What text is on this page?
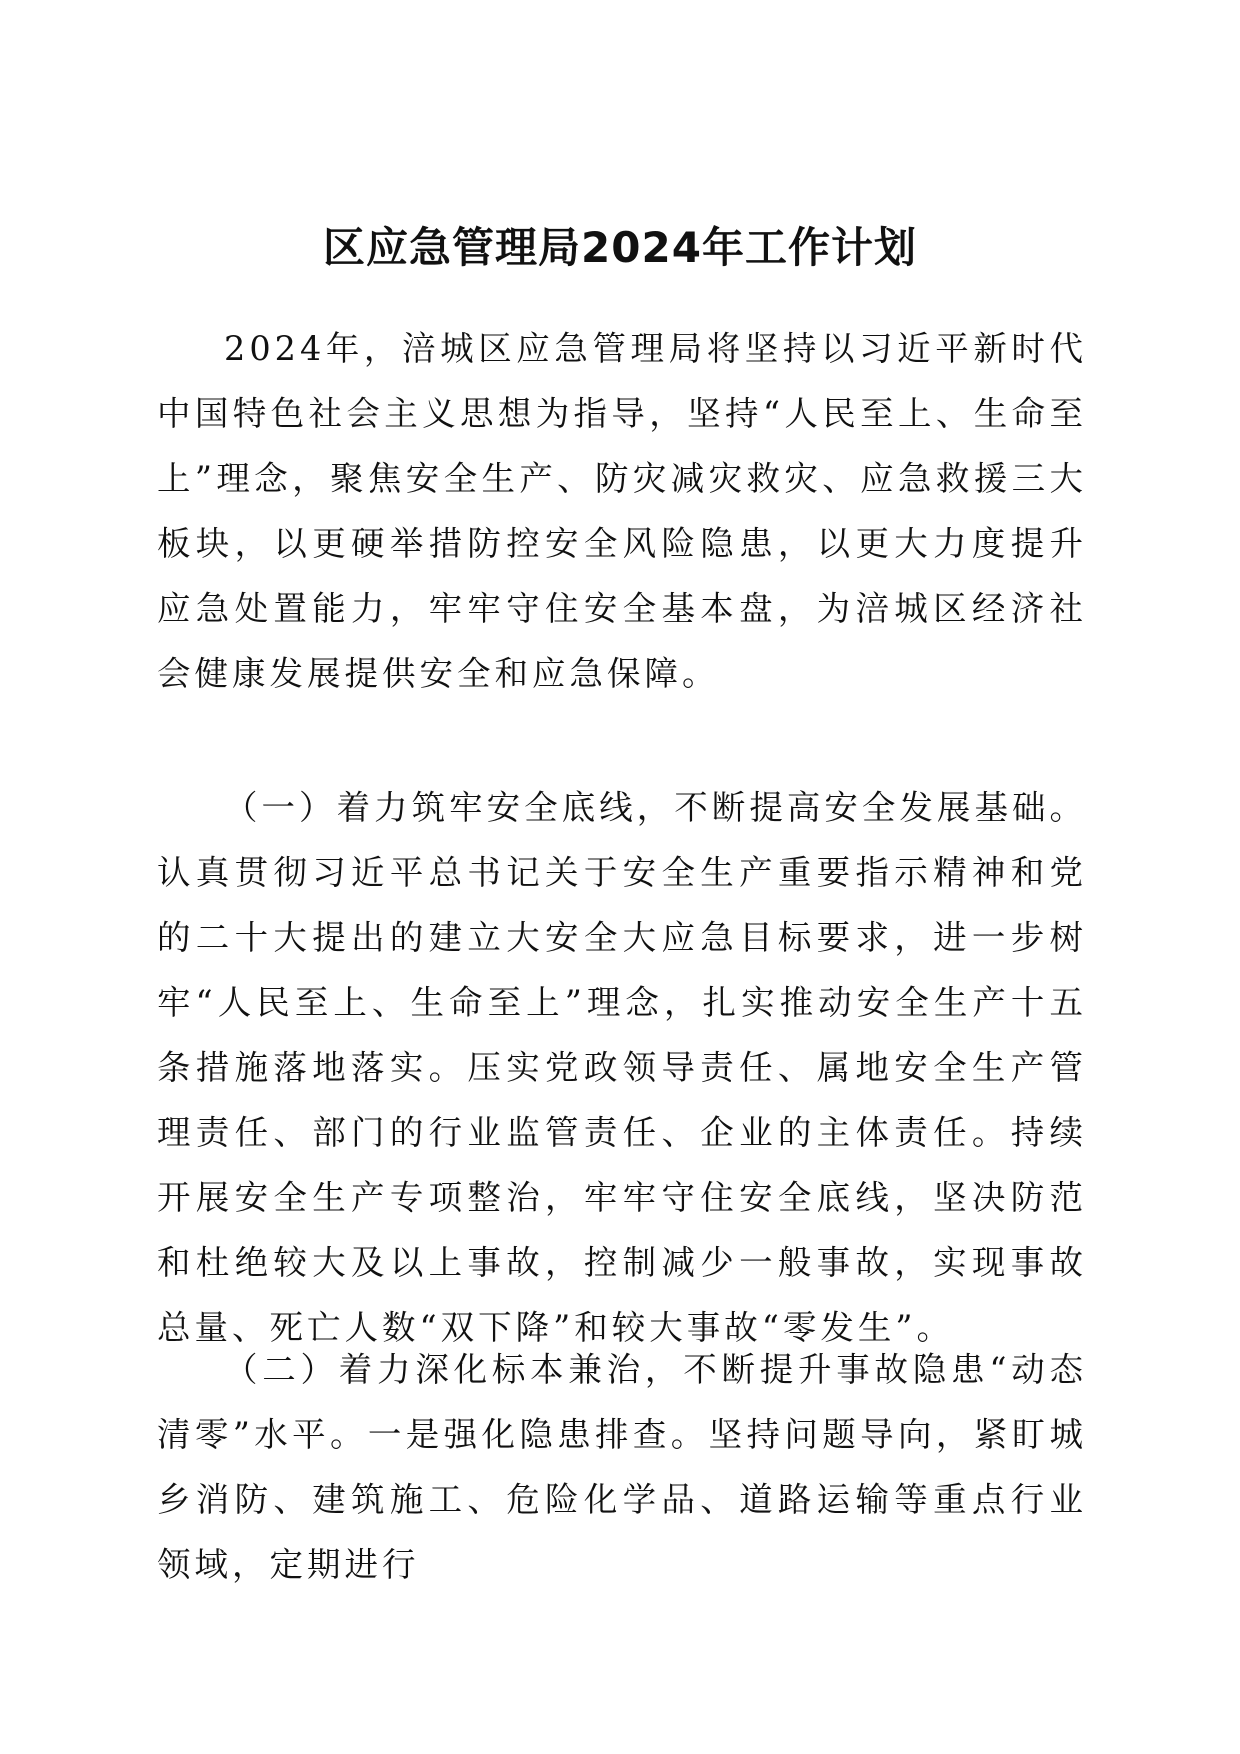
区应急管理局2024年工作计划

2024年，涪城区应急管理局将坚持以习近平新时代中国特色社会主义思想为指导，坚持“人民至上、生命至上”理念，聚焦安全生产、防灾减灾救灾、应急救援三大板块，以更硬举措防控安全风险隐患，以更大力度提升应急处置能力，牢牢守住安全基本盘，为涪城区经济社会健康发展提供安全和应急保障。

（一）着力筑牢安全底线，不断提高安全发展基础。认真贯彻习近平总书记关于安全生产重要指示精神和党的二十大提出的建立大安全大应急目标要求，进一步树牢“人民至上、生命至上”理念，扎实推动安全生产十五条措施落地落实。压实党政领导责任、属地安全生产管理责任、部门的行业监管责任、企业的主体责任。持续开展安全生产专项整治，牢牢守住安全底线，坚决防范和杜绝较大及以上事故，控制减少一般事故，实现事故总量、死亡人数“双下降”和较大事故“零发生”。

（二）着力深化标本兼治，不断提升事故隐患“动态清零”水平。一是强化隐患排查。坚持问题导向，紧盯城乡消防、建筑施工、危险化学品、道路运输等重点行业领域，定期进行
